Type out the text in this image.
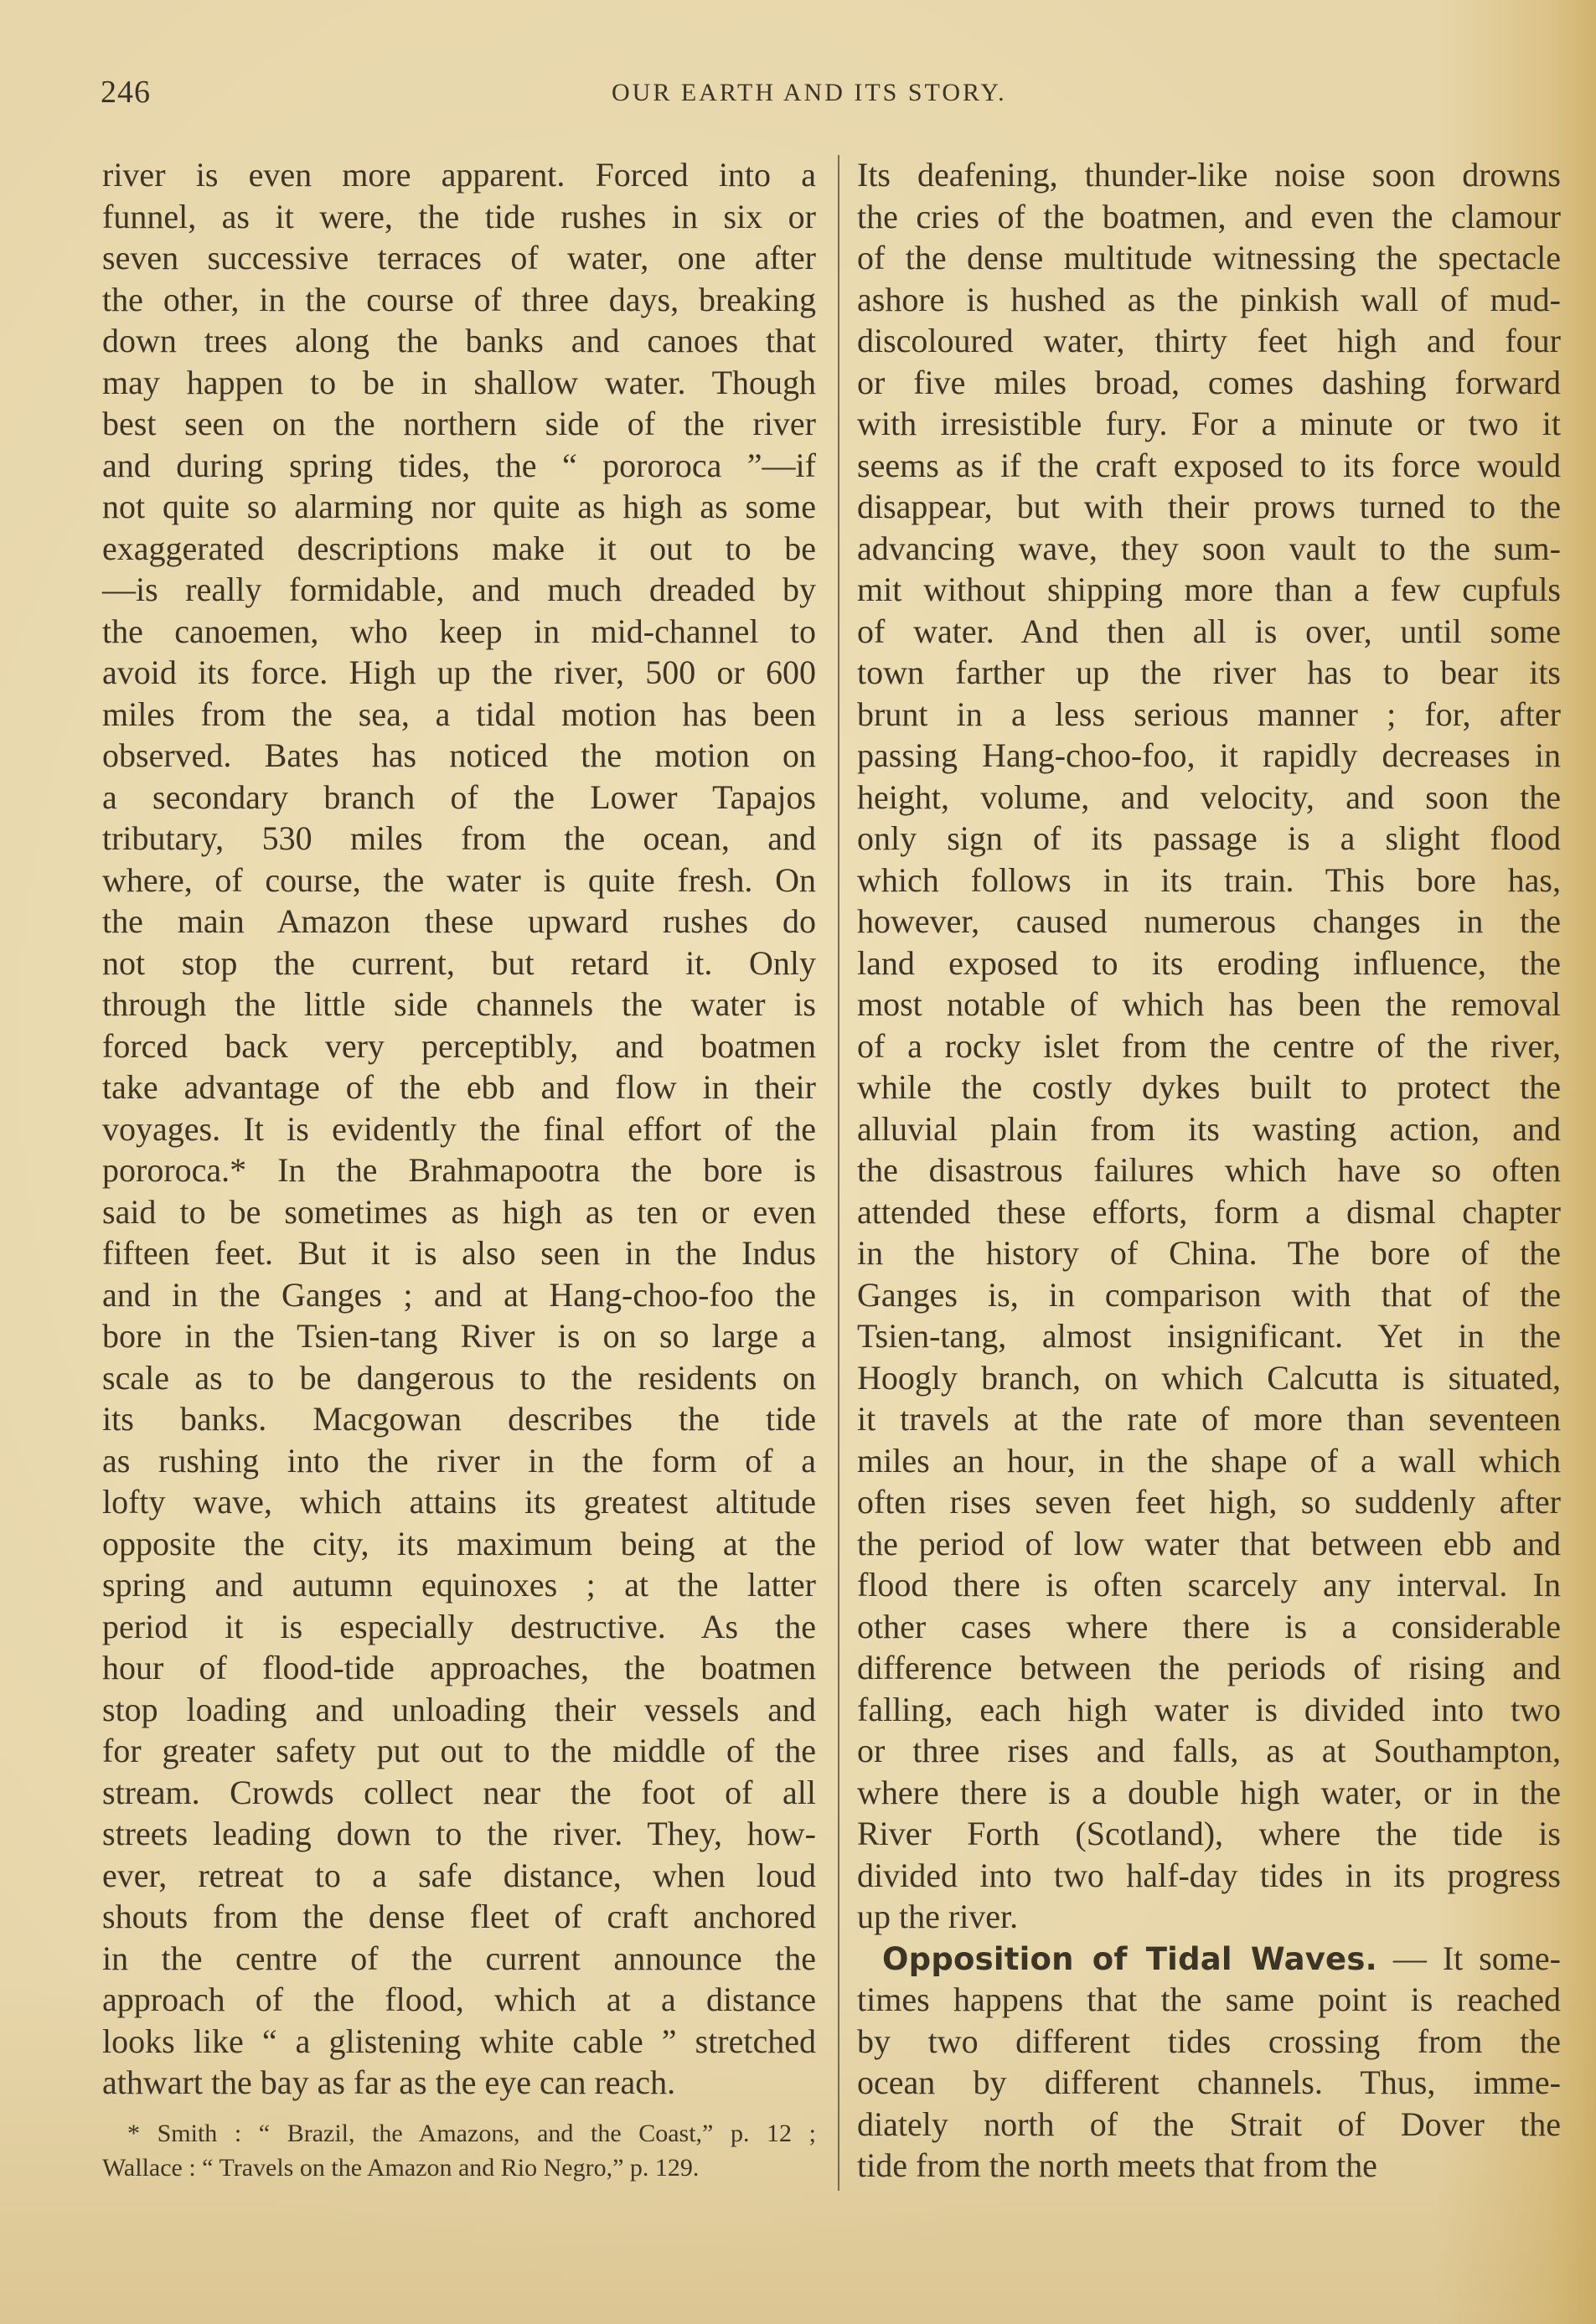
246	OUR EARTH AND ITS STORY.
river is even more apparent. Forced into a
funnel, as it were, the tide rushes in six or
seven successive terraces of water, one after
the other, in the course of three days, breaking
down trees along the banks and canoes that
may happen to be in shallow water. Though
best seen on the northern side of the river
and during spring tides, the “ pororoca ”—if
not quite so alarming nor quite as high as some
exaggerated descriptions make it out to be
—is really formidable, and much dreaded by
the canoemen, who keep in mid-channel to
avoid its force. High up the river, 500 or 600
miles from the sea, a tidal motion has been
observed. Bates has noticed the motion on
a secondary branch of the Lower Tapajos
tributary, 530 miles from the ocean, and
where, of course, the water is quite fresh. On
the main Amazon these upward rushes do
not stop the current, but retard it. Only
through the little side channels the water is
forced back very perceptibly, and boatmen
take advantage of the ebb and flow in their
voyages. It is evidently the final effort of the
pororoca.* In the Brahmapootra the bore is
said to be sometimes as high as ten or even
fifteen feet. But it is also seen in the Indus
and in the Ganges ; and at Hang-choo-foo the
bore in the Tsien-tang River is on so large a
scale as to be dangerous to the residents on
its banks. Macgowan describes the tide
as rushing into the river in the form of a
lofty wave, which attains its greatest altitude
opposite the city, its maximum being at the
spring and autumn equinoxes ; at the latter
period it is especially destructive. As the
hour of flood-tide approaches, the boatmen
stop loading and unloading their vessels and
for greater safety put out to the middle of the
stream. Crowds collect near the foot of all
streets leading down to the river. They, how-
ever, retreat to a safe distance, when loud
shouts from the dense fleet of craft anchored
in the centre of the current announce the
approach of the flood, which at a distance
looks like “ a glistening white cable ” stretched
athwart the bay as far as the eye can reach.
Its deafening, thunder-like noise soon drowns
the cries of the boatmen, and even the clamour
of the dense multitude witnessing the spectacle
ashore is hushed as the pinkish wall of mud-
discoloured water, thirty feet high and four
or five miles broad, comes dashing forward
with irresistible fury. For a minute or two it
seems as if the craft exposed to its force would
disappear, but with their prows turned to the
advancing wave, they soon vault to the sum-
mit without shipping more than a few cupfuls
of water. And then all is over, until some
town farther up the river has to bear its
brunt in a less serious manner ; for, after
passing Hang-choo-foo, it rapidly decreases in
height, volume, and velocity, and soon the
only sign of its passage is a slight flood
which follows in its train. This bore has,
however, caused numerous changes in the
land exposed to its eroding influence, the
most notable of which has been the removal
of a rocky islet from the centre of the river,
while the costly dykes built to protect the
alluvial plain from its wasting action, and
the disastrous failures which have so often
attended these efforts, form a dismal chapter
in the history of China. The bore of the
Ganges is, in comparison with that of the
Tsien-tang, almost insignificant. Yet in the
Hoogly branch, on which Calcutta is situated,
it travels at the rate of more than seventeen
miles an hour, in the shape of a wall which
often rises seven feet high, so suddenly after
the period of low water that between ebb and
flood there is often scarcely any interval. In
other cases where there is a considerable
difference between the periods of rising and
falling, each high water is divided into two
or three rises and falls, as at Southampton,
where there is a double high water, or in the
River Forth (Scotland), where the tide is
divided into two half-day tides in its progress
up the river.
Opposition of Tidal Waves. — It some-
times happens that the same point is reached
by two different tides crossing from the
ocean by different channels. Thus, imme-
diately north of the Strait of Dover the
tide from the north meets that from the
* Smith : “ Brazil, the Amazons, and the Coast,” p. 12 ;
Wallace : “ Travels on the Amazon and Rio Negro,” p. 129.
